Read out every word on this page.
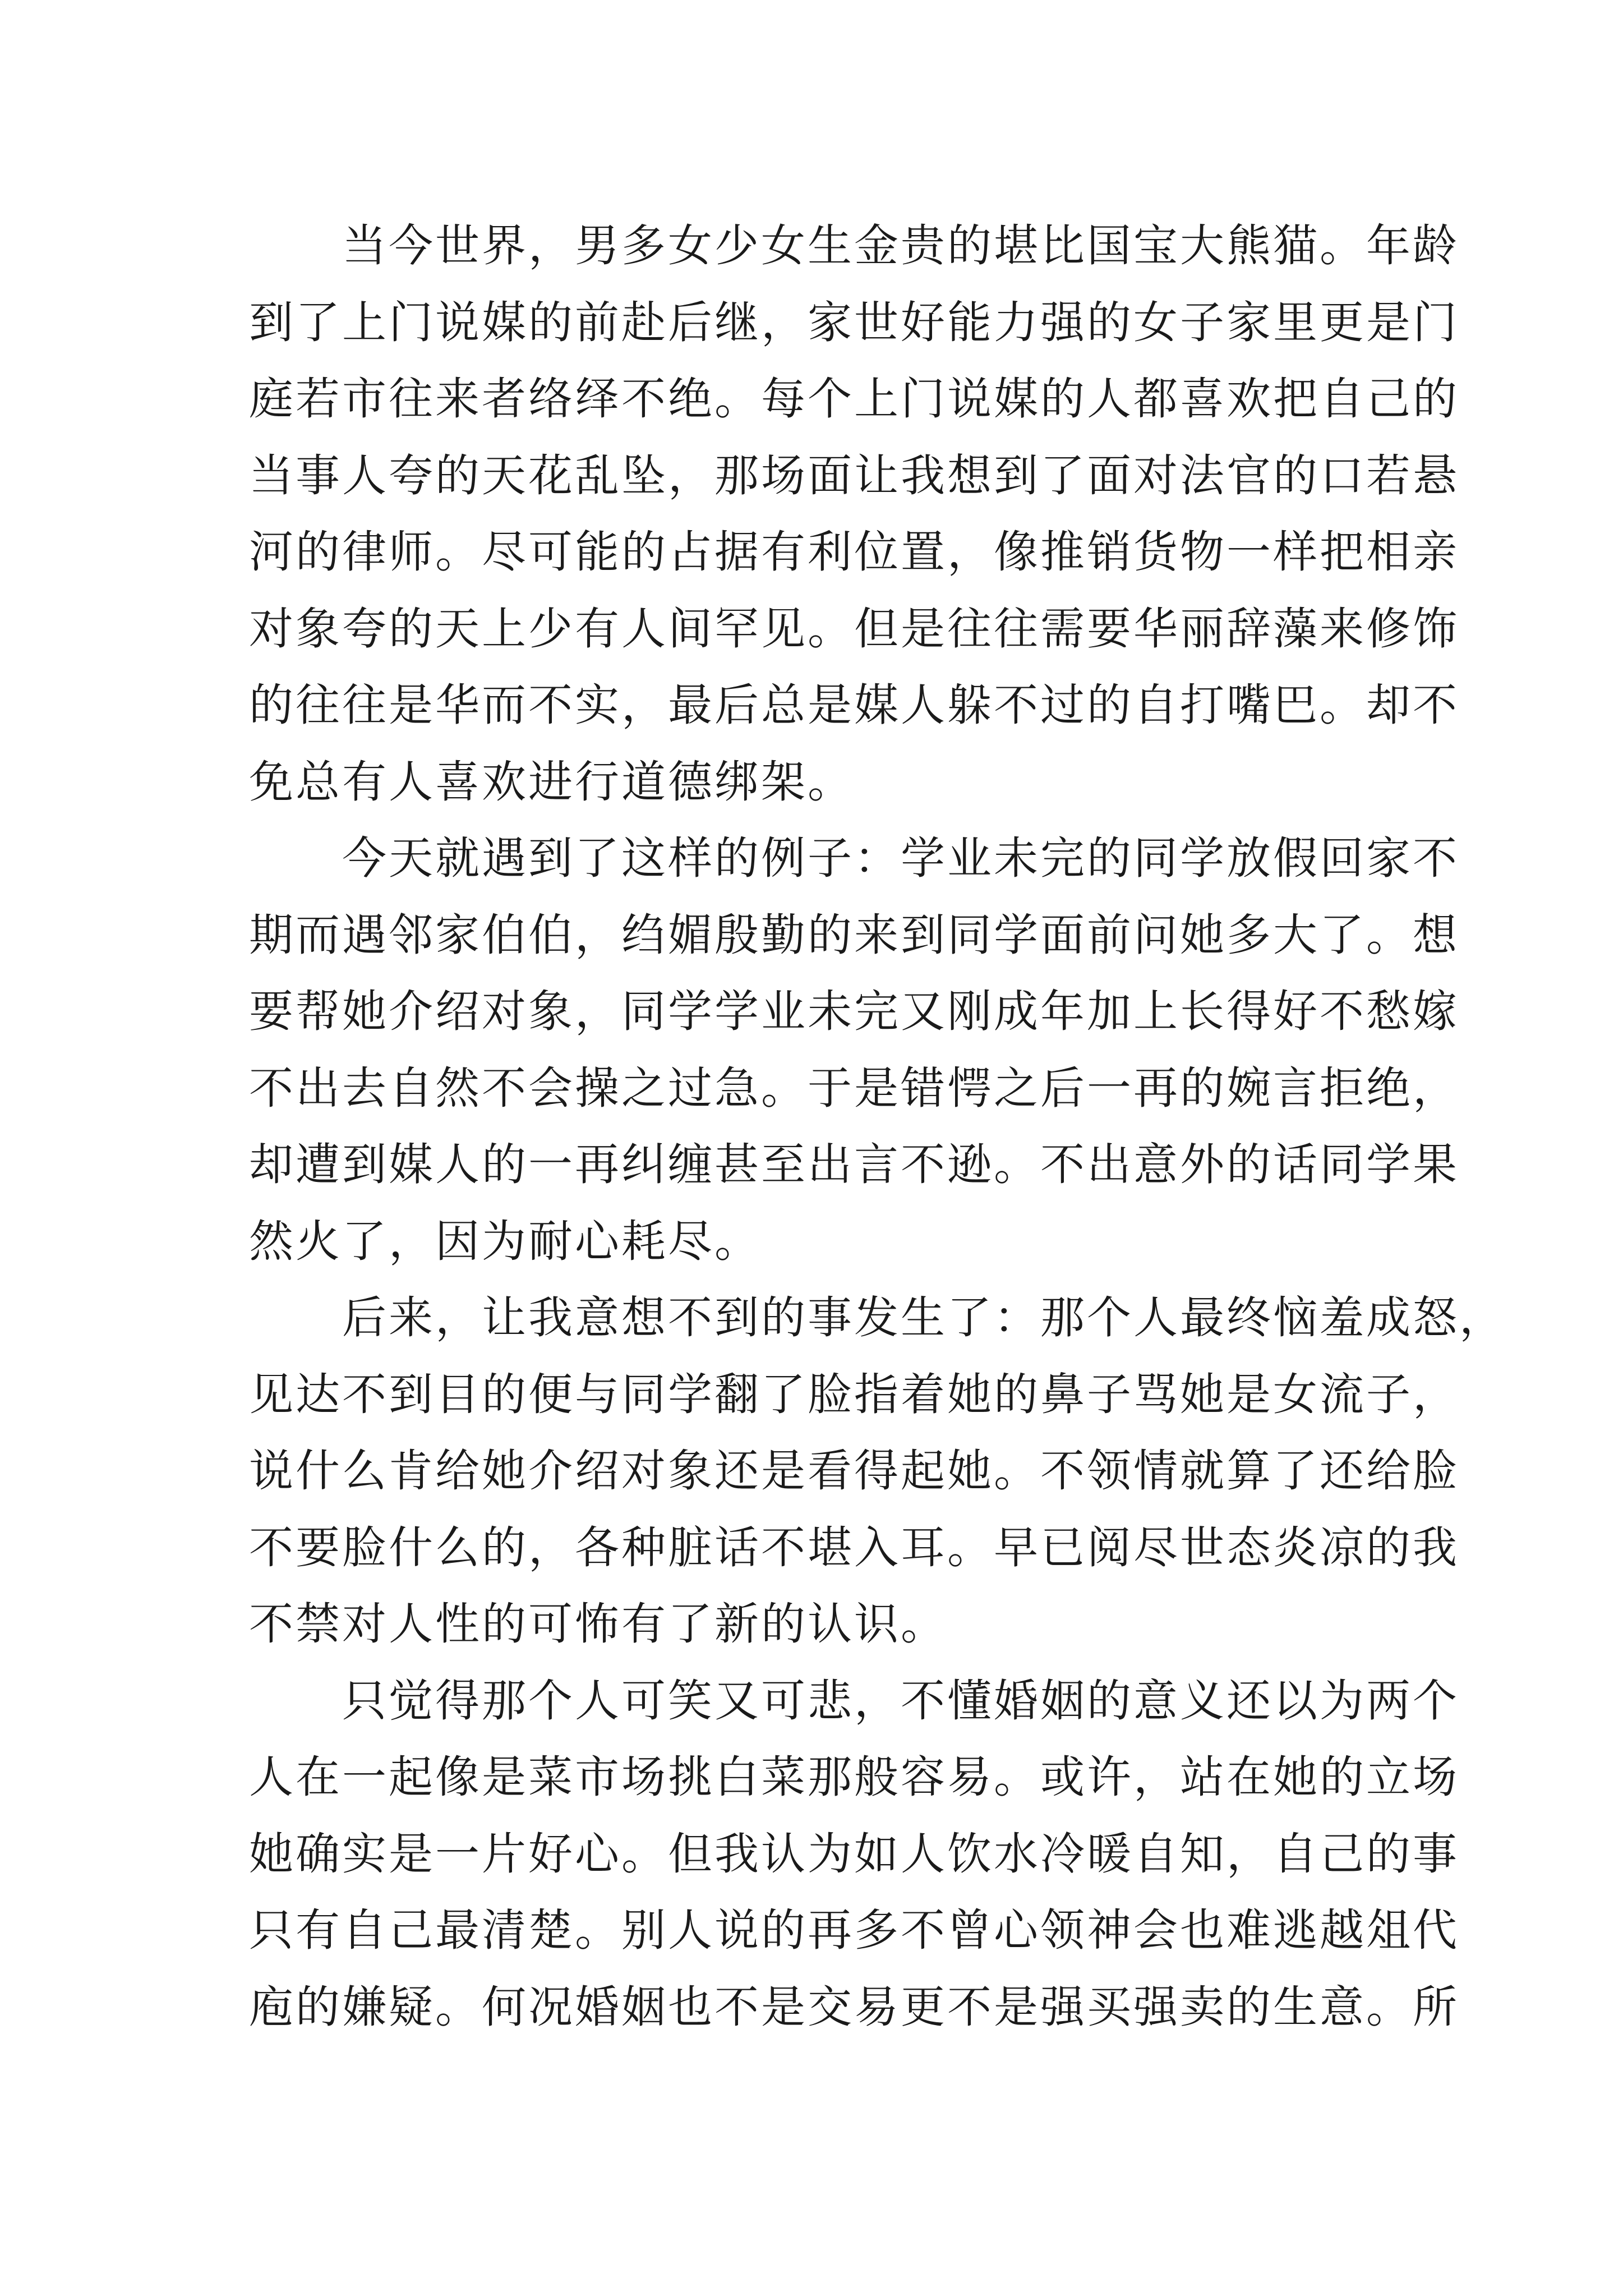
当今世界，男多女少女生金贵的堪比国宝大熊猫。年龄
到了上门说媒的前赴后继，家世好能力强的女子家里更是门
庭若市往来者络绎不绝。每个上门说媒的人都喜欢把自己的
当事人夸的天花乱坠，那场面让我想到了面对法官的口若悬
河的律师。尽可能的占据有利位置，像推销货物一样把相亲
对象夸的天上少有人间罕见。但是往往需要华丽辞藻来修饰
的往往是华而不实，最后总是媒人躲不过的自打嘴巴。却不
免总有人喜欢进行道德绑架。
今天就遇到了这样的例子：学业未完的同学放假回家不
期而遇邻家伯伯，绉媚殷勤的来到同学面前问她多大了。想
要帮她介绍对象，同学学业未完又刚成年加上长得好不愁嫁
不出去自然不会操之过急。于是错愕之后一再的婉言拒绝，
却遭到媒人的一再纠缠甚至出言不逊。不出意外的话同学果
然火了，因为耐心耗尽。
后来，让我意想不到的事发生了：那个人最终恼羞成怒，
见达不到目的便与同学翻了脸指着她的鼻子骂她是女流子，
说什么肯给她介绍对象还是看得起她。不领情就算了还给脸
不要脸什么的，各种脏话不堪入耳。早已阅尽世态炎凉的我
不禁对人性的可怖有了新的认识。
只觉得那个人可笑又可悲，不懂婚姻的意义还以为两个
人在一起像是菜市场挑白菜那般容易。或许，站在她的立场
她确实是一片好心。但我认为如人饮水冷暖自知，自己的事
只有自己最清楚。别人说的再多不曾心领神会也难逃越俎代
庖的嫌疑。何况婚姻也不是交易更不是强买强卖的生意。所
